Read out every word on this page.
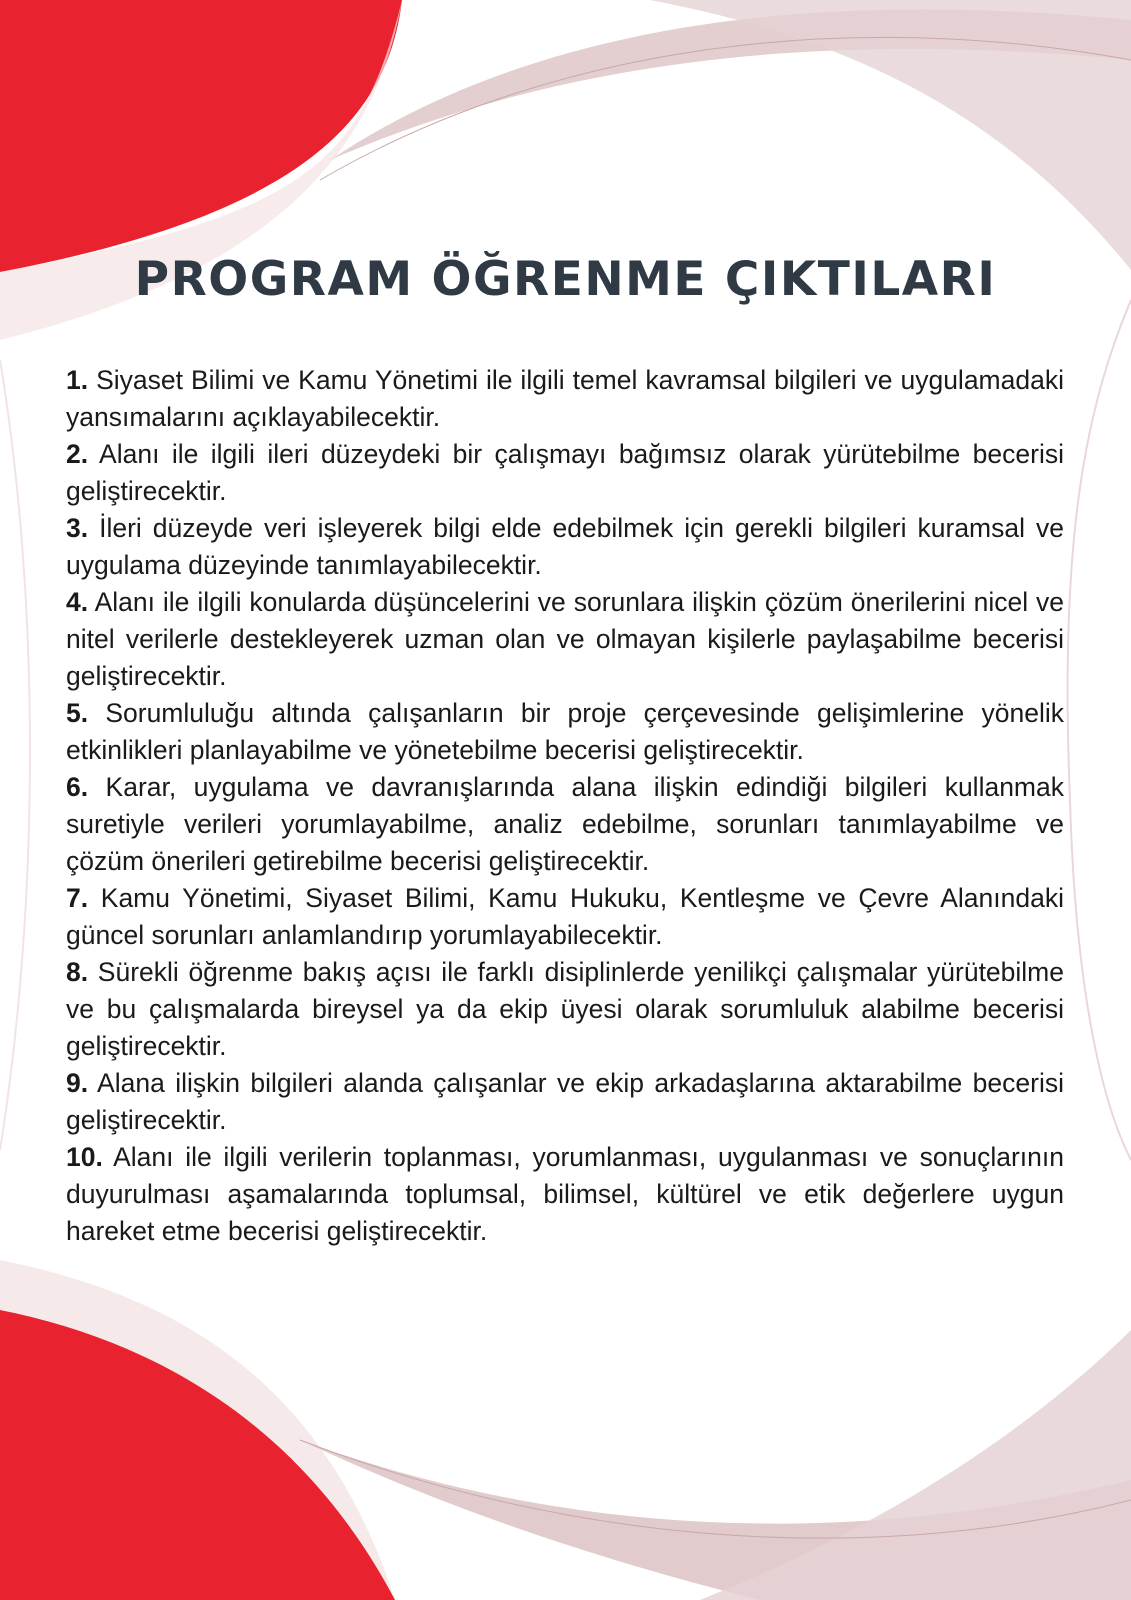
PROGRAM ÖĞRENME ÇIKTILARI
1. Siyaset Bilimi ve Kamu Yönetimi ile ilgili temel kavramsal bilgileri ve uygulamadaki yansımalarını açıklayabilecektir.
2. Alanı ile ilgili ileri düzeydeki bir çalışmayı bağımsız olarak yürütebilme becerisi geliştirecektir.
3. İleri düzeyde veri işleyerek bilgi elde edebilmek için gerekli bilgileri kuramsal ve uygulama düzeyinde tanımlayabilecektir.
4. Alanı ile ilgili konularda düşüncelerini ve sorunlara ilişkin çözüm önerilerini nicel ve nitel verilerle destekleyerek uzman olan ve olmayan kişilerle paylaşabilme becerisi geliştirecektir.
5. Sorumluluğu altında çalışanların bir proje çerçevesinde gelişimlerine yönelik etkinlikleri planlayabilme ve yönetebilme becerisi geliştirecektir.
6. Karar, uygulama ve davranışlarında alana ilişkin edindiği bilgileri kullanmak suretiyle verileri yorumlayabilme, analiz edebilme, sorunları tanımlayabilme ve çözüm önerileri getirebilme becerisi geliştirecektir.
7. Kamu Yönetimi, Siyaset Bilimi, Kamu Hukuku, Kentleşme ve Çevre Alanındaki güncel sorunları anlamlandırıp yorumlayabilecektir.
8. Sürekli öğrenme bakış açısı ile farklı disiplinlerde yenilikçi çalışmalar yürütebilme ve bu çalışmalarda bireysel ya da ekip üyesi olarak sorumluluk alabilme becerisi geliştirecektir.
9. Alana ilişkin bilgileri alanda çalışanlar ve ekip arkadaşlarına aktarabilme becerisi geliştirecektir.
10. Alanı ile ilgili verilerin toplanması, yorumlanması, uygulanması ve sonuçlarının duyurulması aşamalarında toplumsal, bilimsel, kültürel ve etik değerlere uygun hareket etme becerisi geliştirecektir.
